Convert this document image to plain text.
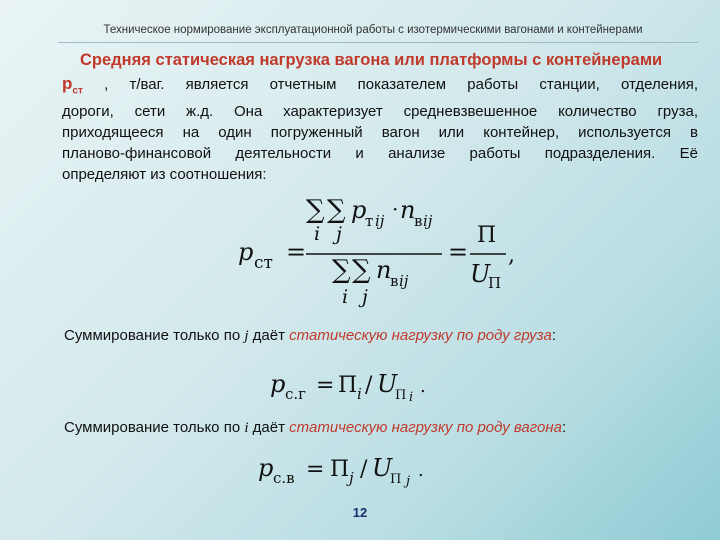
Техническое нормирование эксплуатационной работы с изотермическими вагонами и контейнерами
Средняя статическая нагрузка вагона или платформы с контейнерами
$р_{ст}$ , т/ваг. является отчетным показателем работы станции, отделения,
дороги, сети ж.д. Она характеризует средневзвешенное количество груза,
приходящееся на один погруженный вагон или контейнер, используется в
планово-финансовой деятельности и анализе работы подразделения. Её
определяют из соотношения:
p ст =
∑ ∑
i j
p
т ij · n
в ij
∑ ∑
i j
n
в ij
=
П
U
П
,
Суммирование только по j даёт статическую нагрузку по роду груза:
p с.г = П i / U
П i
.
Суммирование только по i даёт статическую нагрузку по роду вагона:
p с.в = П j / U
П j
.
12
